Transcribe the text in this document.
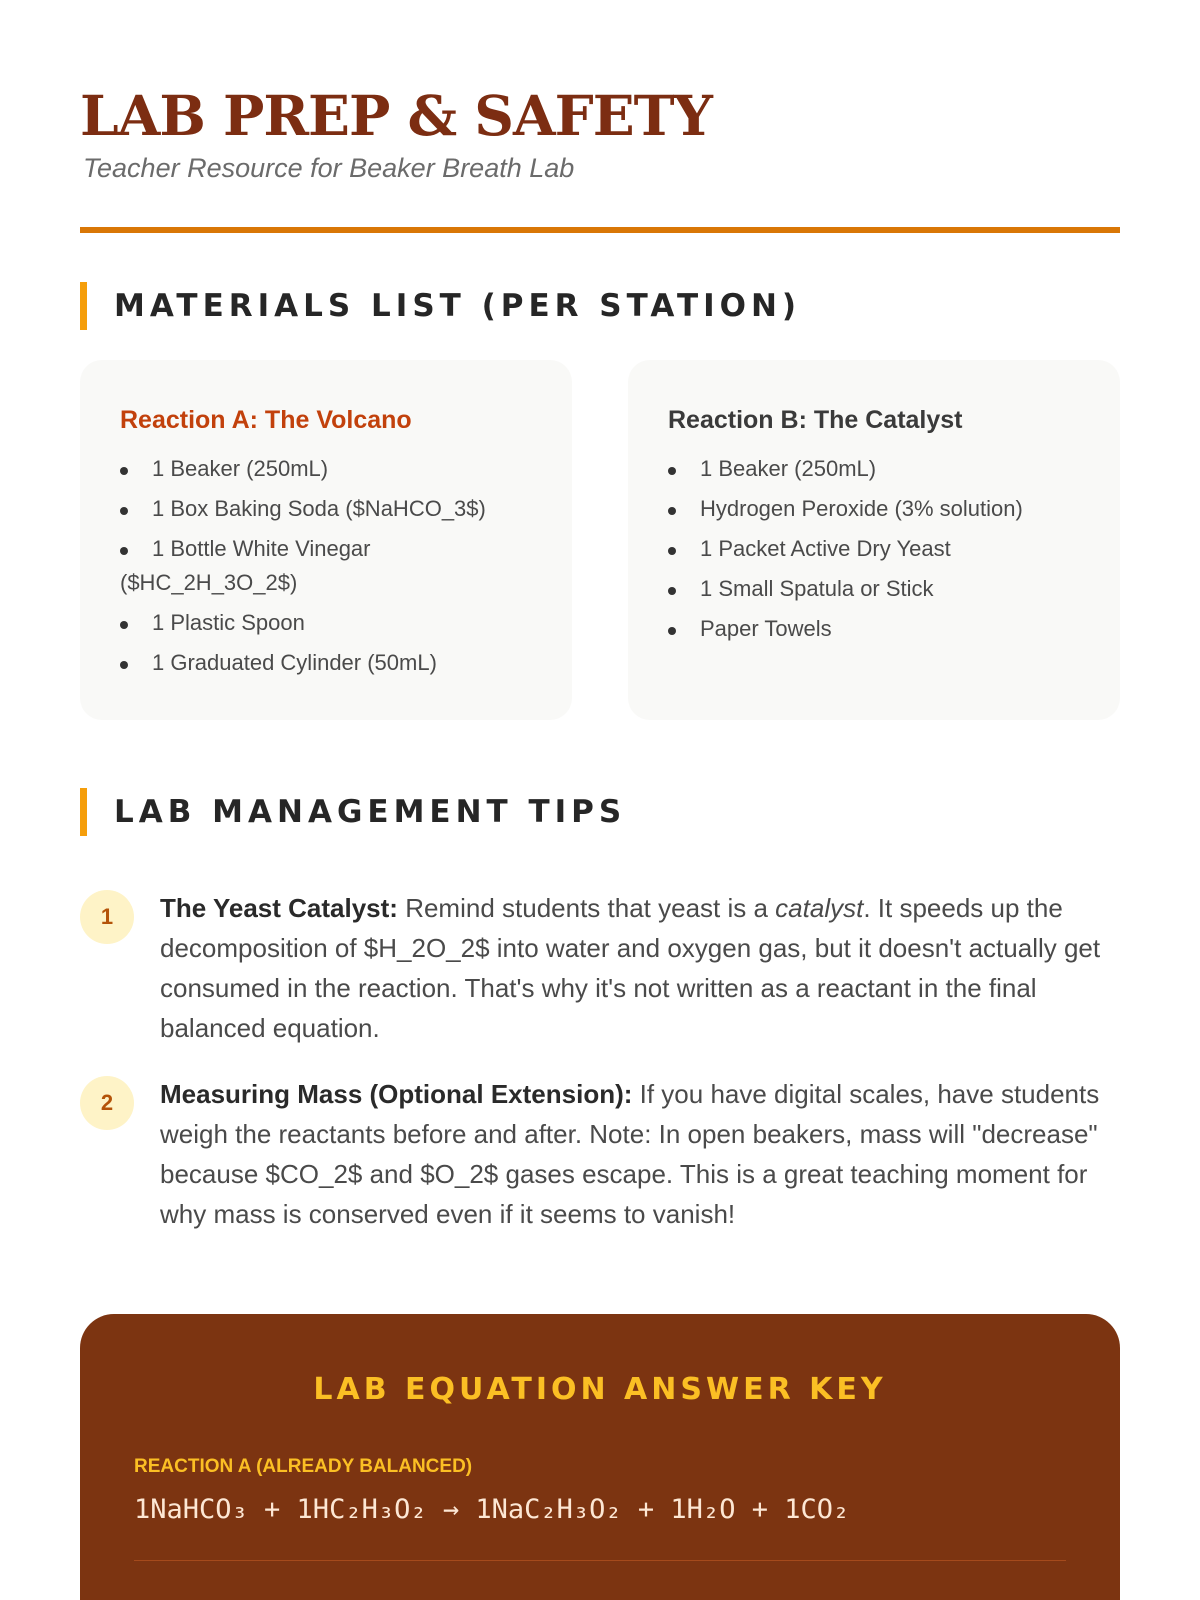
LAB PREP & SAFETY

Teacher Resource for Beaker Breath Lab

MATERIALS LIST (PER STATION)
Reaction A: The Volcano
1 Beaker (250mL)
1 Box Baking Soda ($NaHCO_3$)
1 Bottle White Vinegar ($HC_2H_3O_2$)
1 Plastic Spoon
1 Graduated Cylinder (50mL)
Reaction B: The Catalyst
1 Beaker (250mL)
Hydrogen Peroxide (3% solution)
1 Packet Active Dry Yeast
1 Small Spatula or Stick
Paper Towels
LAB MANAGEMENT TIPS
1	The Yeast Catalyst: Remind students that yeast is a catalyst. It speeds up the decomposition of $H_2O_2$ into water and oxygen gas, but it doesn't actually get consumed in the reaction. That's why it's not written as a reactant in the final balanced equation.

2	Measuring Mass (Optional Extension): If you have digital scales, have students weigh the reactants before and after. Note: In open beakers, mass will "decrease" because $CO_2$ and $O_2$ gases escape. This is a great teaching moment for why mass is conserved even if it seems to vanish!

LAB EQUATION ANSWER KEY

REACTION A (ALREADY BALANCED)

1NaHCO₃ + 1HC₂H₃O₂ → 1NaC₂H₃O₂ + 1H₂O + 1CO₂
